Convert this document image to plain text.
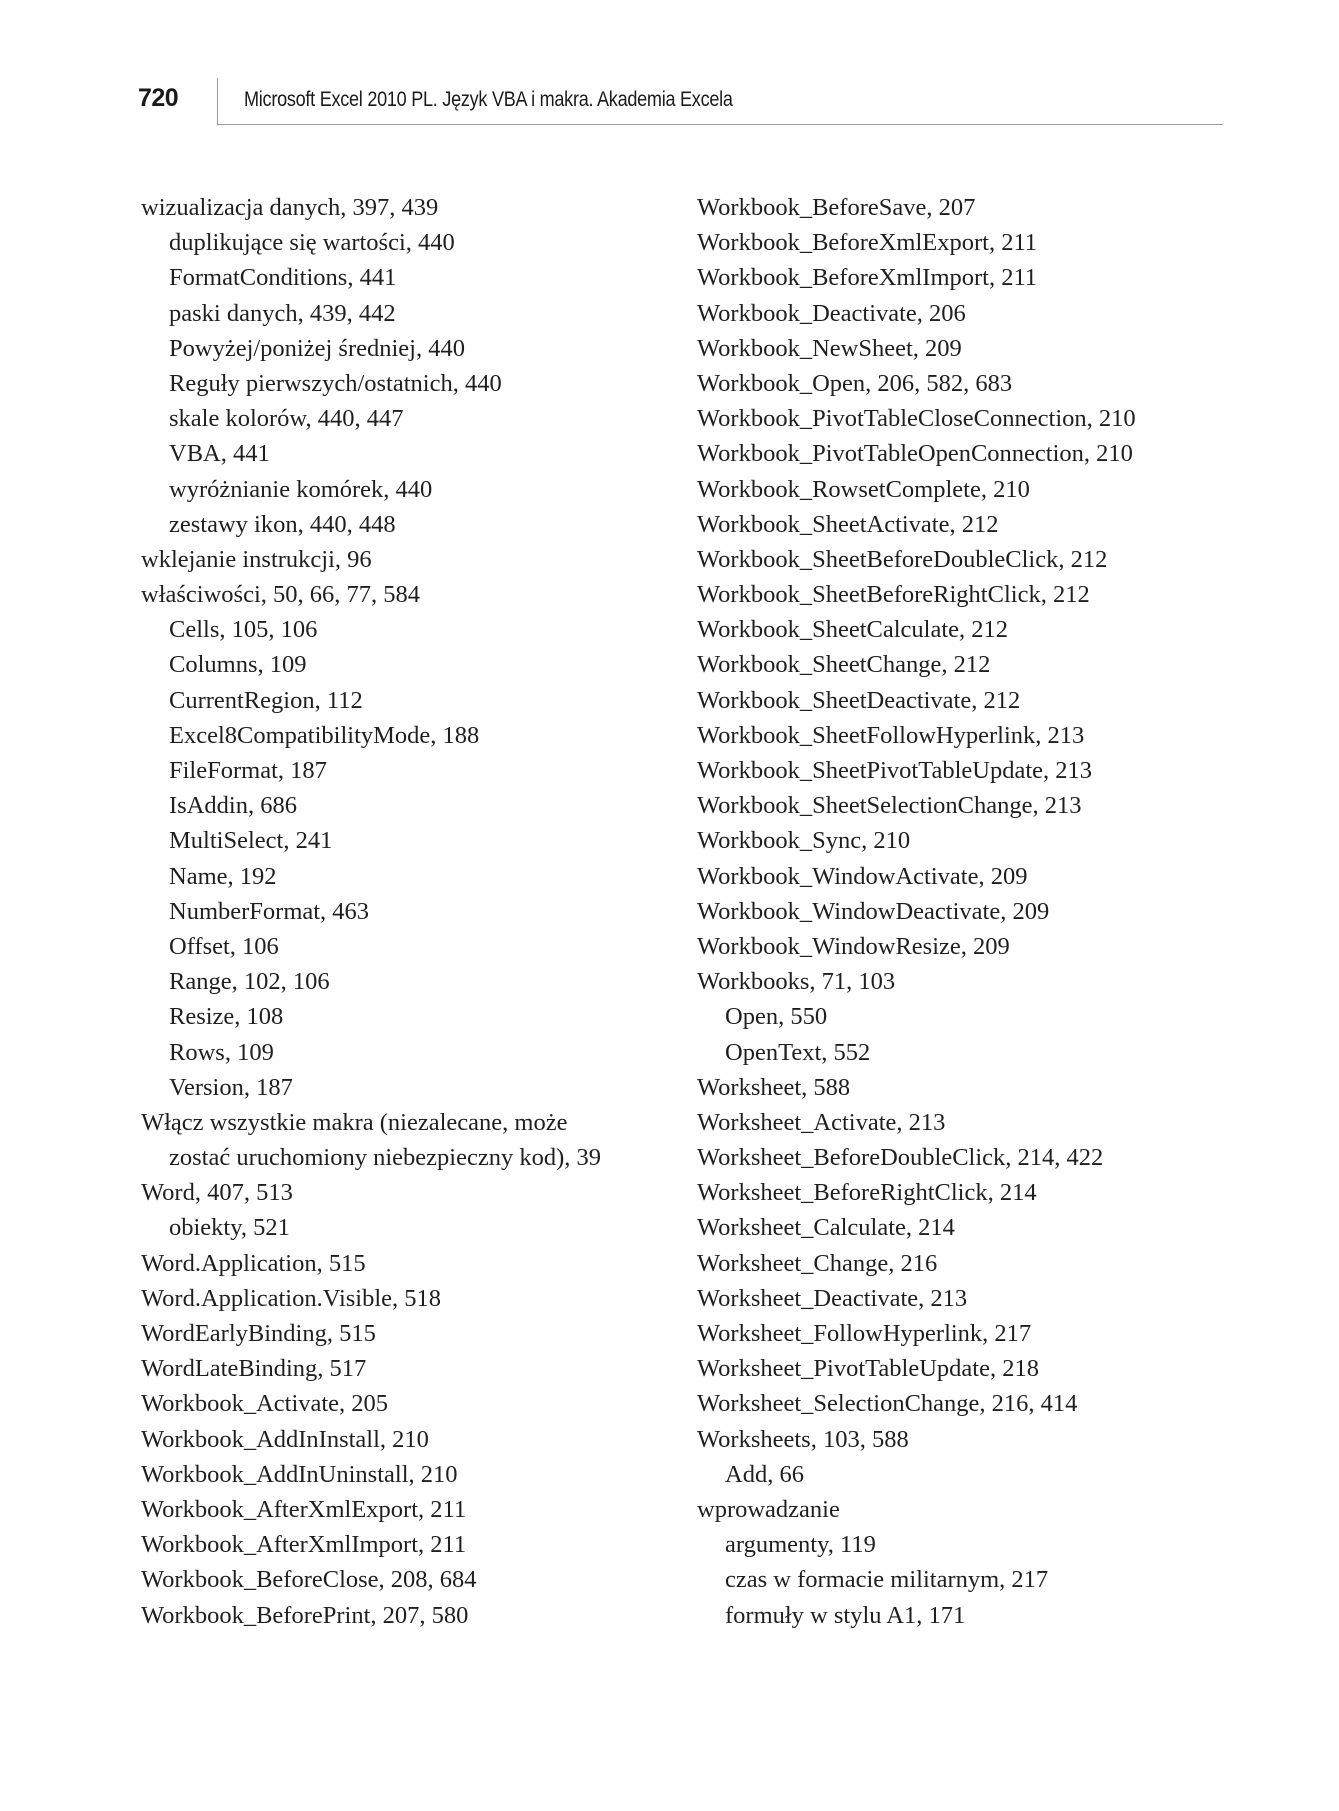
720	Microsoft Excel 2010 PL. Język VBA i makra. Akademia Excela
wizualizacja danych, 397, 439
duplikujące się wartości, 440
FormatConditions, 441
paski danych, 439, 442
Powyżej/poniżej średniej, 440
Reguły pierwszych/ostatnich, 440
skale kolorów, 440, 447
VBA, 441
wyróżnianie komórek, 440
zestawy ikon, 440, 448
wklejanie instrukcji, 96
właściwości, 50, 66, 77, 584
Cells, 105, 106
Columns, 109
CurrentRegion, 112
Excel8CompatibilityMode, 188
FileFormat, 187
IsAddin, 686
MultiSelect, 241
Name, 192
NumberFormat, 463
Offset, 106
Range, 102, 106
Resize, 108
Rows, 109
Version, 187
Włącz wszystkie makra (niezalecane, może
zostać uruchomiony niebezpieczny kod), 39
Word, 407, 513
obiekty, 521
Word.Application, 515
Word.Application.Visible, 518
WordEarlyBinding, 515
WordLateBinding, 517
Workbook_Activate, 205
Workbook_AddInInstall, 210
Workbook_AddInUninstall, 210
Workbook_AfterXmlExport, 211
Workbook_AfterXmlImport, 211
Workbook_BeforeClose, 208, 684
Workbook_BeforePrint, 207, 580
Workbook_BeforeSave, 207
Workbook_BeforeXmlExport, 211
Workbook_BeforeXmlImport, 211
Workbook_Deactivate, 206
Workbook_NewSheet, 209
Workbook_Open, 206, 582, 683
Workbook_PivotTableCloseConnection, 210
Workbook_PivotTableOpenConnection, 210
Workbook_RowsetComplete, 210
Workbook_SheetActivate, 212
Workbook_SheetBeforeDoubleClick, 212
Workbook_SheetBeforeRightClick, 212
Workbook_SheetCalculate, 212
Workbook_SheetChange, 212
Workbook_SheetDeactivate, 212
Workbook_SheetFollowHyperlink, 213
Workbook_SheetPivotTableUpdate, 213
Workbook_SheetSelectionChange, 213
Workbook_Sync, 210
Workbook_WindowActivate, 209
Workbook_WindowDeactivate, 209
Workbook_WindowResize, 209
Workbooks, 71, 103
Open, 550
OpenText, 552
Worksheet, 588
Worksheet_Activate, 213
Worksheet_BeforeDoubleClick, 214, 422
Worksheet_BeforeRightClick, 214
Worksheet_Calculate, 214
Worksheet_Change, 216
Worksheet_Deactivate, 213
Worksheet_FollowHyperlink, 217
Worksheet_PivotTableUpdate, 218
Worksheet_SelectionChange, 216, 414
Worksheets, 103, 588
Add, 66
wprowadzanie
argumenty, 119
czas w formacie militarnym, 217
formuły w stylu A1, 171
